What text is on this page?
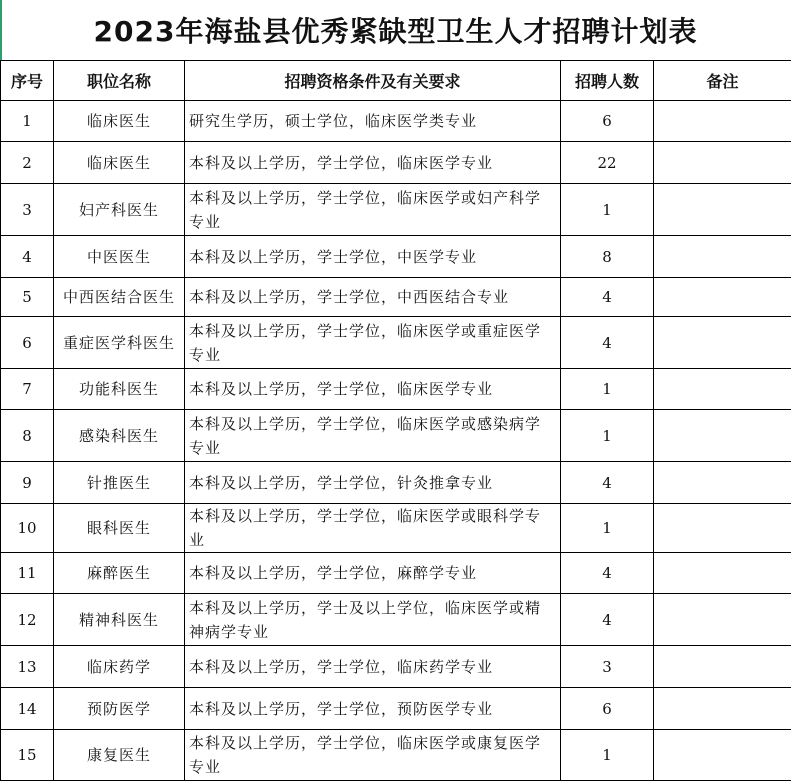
2023年海盐县优秀紧缺型卫生人才招聘计划表
序号	职位名称	招聘资格条件及有关要求	招聘人数	备注
1	临床医生	研究生学历，硕士学位，临床医学类专业	6	
2	临床医生	本科及以上学历，学士学位，临床医学专业	22	
3	妇产科医生	本科及以上学历，学士学位，临床医学或妇产科学专业	1	
4	中医医生	本科及以上学历，学士学位，中医学专业	8	
5	中西医结合医生	本科及以上学历，学士学位，中西医结合专业	4	
6	重症医学科医生	本科及以上学历，学士学位，临床医学或重症医学专业	4	
7	功能科医生	本科及以上学历，学士学位，临床医学专业	1	
8	感染科医生	本科及以上学历，学士学位，临床医学或感染病学专业	1	
9	针推医生	本科及以上学历，学士学位，针灸推拿专业	4	
10	眼科医生	本科及以上学历，学士学位，临床医学或眼科学专业	1	
11	麻醉医生	本科及以上学历，学士学位，麻醉学专业	4	
12	精神科医生	本科及以上学历，学士及以上学位，临床医学或精神病学专业	4	
13	临床药学	本科及以上学历，学士学位，临床药学专业	3	
14	预防医学	本科及以上学历，学士学位，预防医学专业	6	
15	康复医生	本科及以上学历，学士学位，临床医学或康复医学专业	1	
